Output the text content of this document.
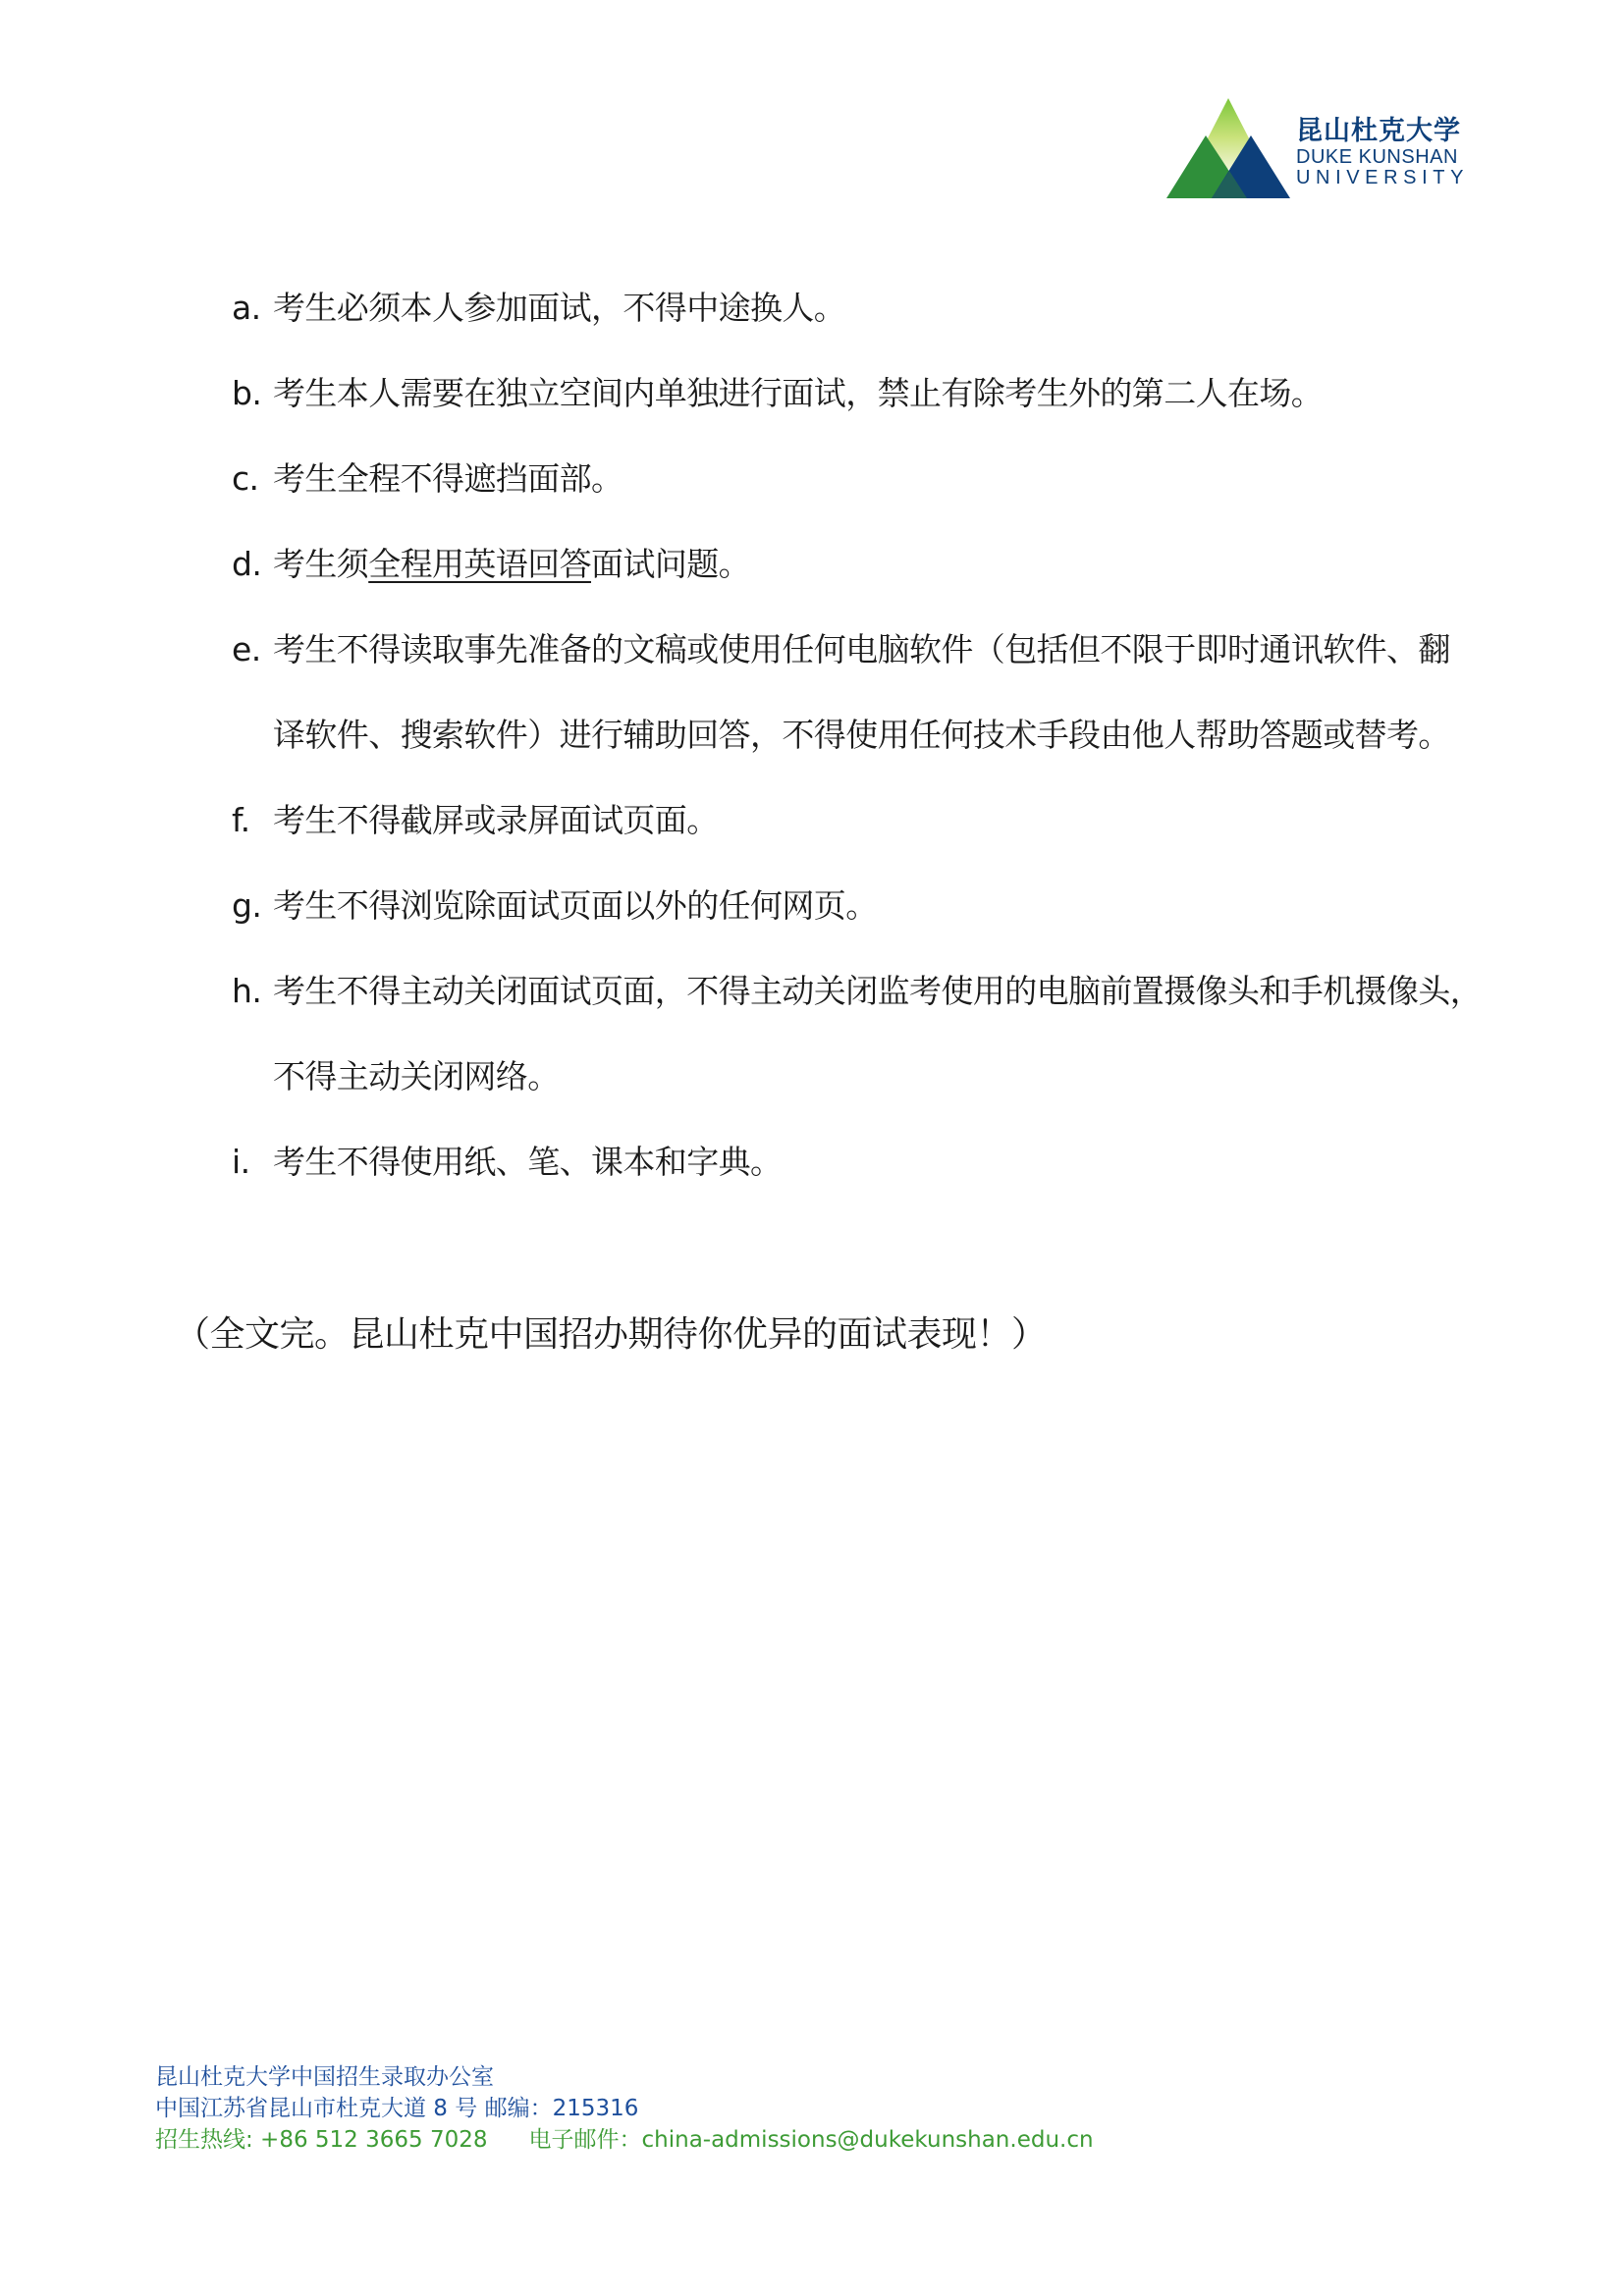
昆山杜克大学
DUKE KUNSHAN
UNIVERSITY
a. 考生必须本人参加面试，不得中途换人。
b. 考生本人需要在独立空间内单独进行面试，禁止有除考生外的第二人在场。
c. 考生全程不得遮挡面部。
d. 考生须全程用英语回答面试问题。
e. 考生不得读取事先准备的文稿或使用任何电脑软件（包括但不限于即时通讯软件、翻
译软件、搜索软件）进行辅助回答，不得使用任何技术手段由他人帮助答题或替考。
f. 考生不得截屏或录屏面试页面。
g. 考生不得浏览除面试页面以外的任何网页。
h. 考生不得主动关闭面试页面，不得主动关闭监考使用的电脑前置摄像头和手机摄像头，
不得主动关闭网络。
i. 考生不得使用纸、笔、课本和字典。
（全文完。昆山杜克中国招办期待你优异的面试表现！）
昆山杜克大学中国招生录取办公室
中国江苏省昆山市杜克大道 8 号 邮编：215316
招生热线: +86 512 3665 7028 电子邮件：china-admissions@dukekunshan.edu.cn
